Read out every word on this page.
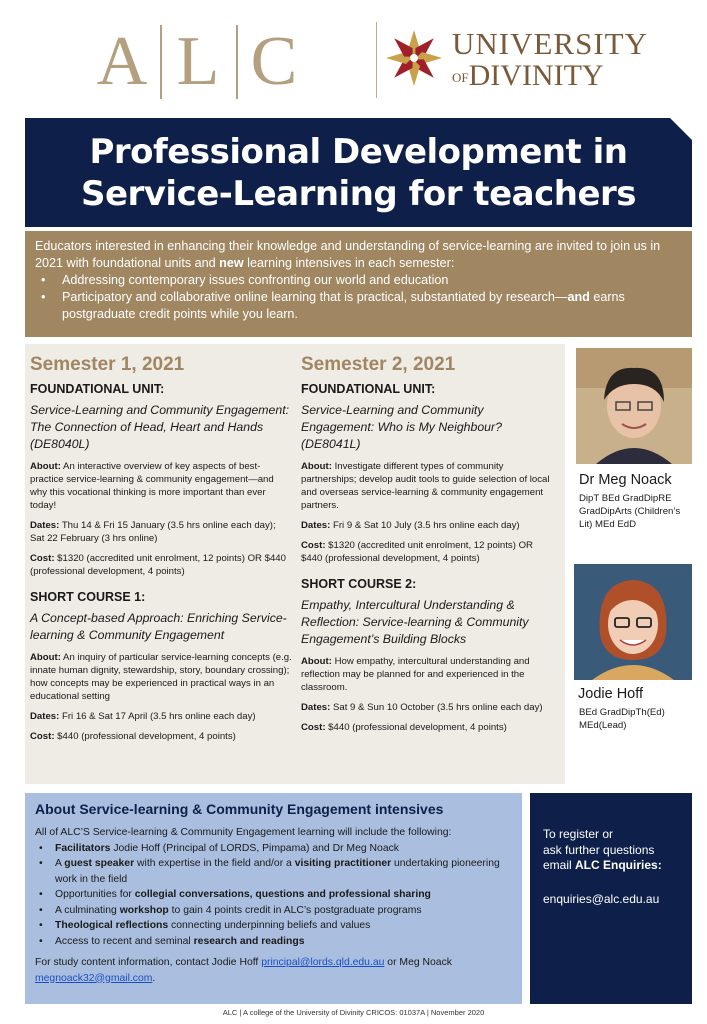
A L C	UNIVERSITY
OFDIVINITY
Professional Development in
Service-Learning for teachers

Educators interested in enhancing their knowledge and understanding of service-learning are invited to join us in 2021 with foundational units and new learning intensives in each semester:

• Addressing contemporary issues confronting our world and education
• Participatory and collaborative online learning that is practical, substantiated by research—and earns postgraduate credit points while you learn.
Semester 1, 2021
FOUNDATIONAL UNIT:
Service-Learning and Community Engagement: The Connection of Head, Heart and Hands (DE8040L)

About: An interactive overview of key aspects of best-practice service-learning & community engagement—and why this vocational thinking is more important than ever today!

Dates: Thu 14 & Fri 15 January (3.5 hrs online each day); Sat 22 February (3 hrs online)

Cost: $1320 (accredited unit enrolment, 12 points) OR $440 (professional development, 4 points)

SHORT COURSE 1:
A Concept-based Approach: Enriching Service-learning & Community Engagement

About: An inquiry of particular service-learning concepts (e.g. innate human dignity, stewardship, story, boundary crossing); how concepts may be experienced in practical ways in an educational setting

Dates: Fri 16 & Sat 17 April (3.5 hrs online each day)

Cost: $440 (professional development, 4 points)

Semester 2, 2021
FOUNDATIONAL UNIT:
Service-Learning and Community Engagement: Who is My Neighbour? (DE8041L)

About: Investigate different types of community partnerships; develop audit tools to guide selection of local and overseas service-learning & community engagement partners.

Dates: Fri 9 & Sat 10 July (3.5 hrs online each day)

Cost: $1320 (accredited unit enrolment, 12 points) OR $440 (professional development, 4 points)

SHORT COURSE 2:
Empathy, Intercultural Understanding & Reflection: Service-learning & Community Engagement’s Building Blocks

About: How empathy, intercultural understanding and reflection may be planned for and experienced in the classroom.

Dates: Sat 9 & Sun 10 October (3.5 hrs online each day)

Cost: $440 (professional development, 4 points)

Dr Meg Noack
DipT BEd GradDipRE GradDipArts (Children’s Lit) MEd EdD
Jodie Hoff
BEd GradDipTh(Ed) MEd(Lead)
About Service-learning & Community Engagement intensives

All of ALC’S Service-learning & Community Engagement learning will include the following:

• Facilitators Jodie Hoff (Principal of LORDS, Pimpama) and Dr Meg Noack
• A guest speaker with expertise in the field and/or a visiting practitioner undertaking pioneering work in the field
• Opportunities for collegial conversations, questions and professional sharing
• A culminating workshop to gain 4 points credit in ALC’s postgraduate programs
• Theological reflections connecting underpinning beliefs and values
• Access to recent and seminal research and readings

For study content information, contact Jodie Hoff principal@lords.qld.edu.au or Meg Noack megnoack32@gmail.com.

To register or
ask further questions
email ALC Enquiries:
enquiries@alc.edu.au
ALC | A college of the University of Divinity CRICOS: 01037A | November 2020
